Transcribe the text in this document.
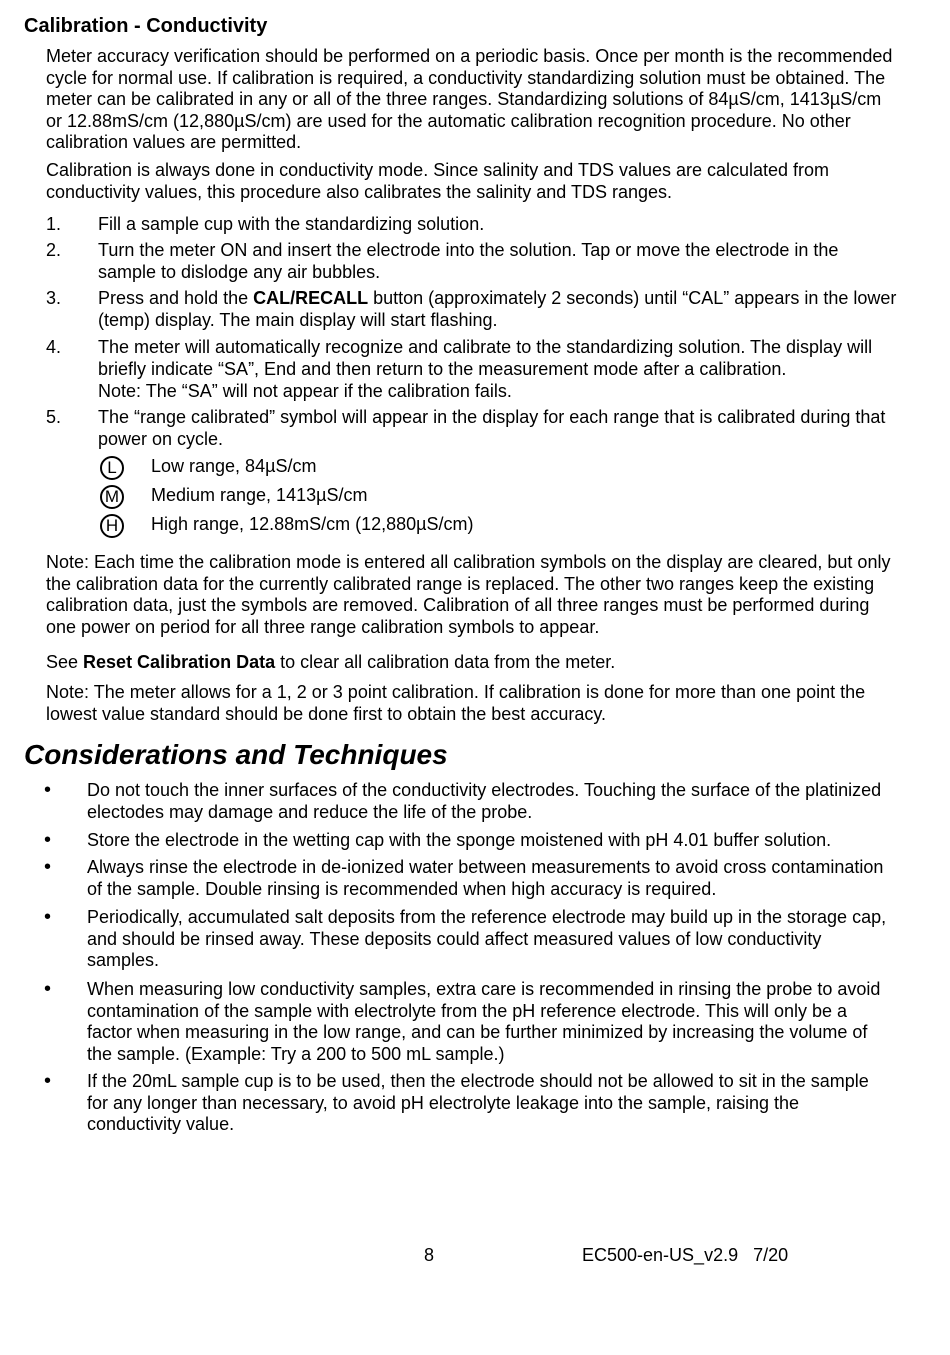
Calibration - Conductivity

Meter accuracy verification should be performed on a periodic basis. Once per month is the recommended cycle for normal use. If calibration is required, a conductivity standardizing solution must be obtained. The meter can be calibrated in any or all of the three ranges. Standardizing solutions of 84µS/cm, 1413µS/cm or 12.88mS/cm (12,880µS/cm) are used for the automatic calibration recognition procedure. No other calibration values are permitted.

Calibration is always done in conductivity mode. Since salinity and TDS values are calculated from conductivity values, this procedure also calibrates the salinity and TDS ranges.

1. Fill a sample cup with the standardizing solution.

2. Turn the meter ON and insert the electrode into the solution. Tap or move the electrode in the sample to dislodge any air bubbles.

3. Press and hold the CAL/RECALL button (approximately 2 seconds) until “CAL” appears in the lower (temp) display. The main display will start flashing.

4. The meter will automatically recognize and calibrate to the standardizing solution. The display will briefly indicate “SA”, End and then return to the measurement mode after a calibration.

Note: The “SA” will not appear if the calibration fails.

5. The “range calibrated” symbol will appear in the display for each range that is calibrated during that power on cycle.

L	Low range, 84µS/cm
M Medium range, 1413µS/cm
H	High range, 12.88mS/cm (12,880µS/cm)

Note: Each time the calibration mode is entered all calibration symbols on the display are cleared, but only the calibration data for the currently calibrated range is replaced. The other two ranges keep the existing calibration data, just the symbols are removed. Calibration of all three ranges must be performed during one power on period for all three range calibration symbols to appear.

See Reset Calibration Data to clear all calibration data from the meter.

Note: The meter allows for a 1, 2 or 3 point calibration. If calibration is done for more than one point the lowest value standard should be done first to obtain the best accuracy.

Considerations and Techniques
• Do not touch the inner surfaces of the conductivity electrodes. Touching the surface of the platinized electodes may damage and reduce the life of the probe.

• Store the electrode in the wetting cap with the sponge moistened with pH 4.01 buffer solution.

• Always rinse the electrode in de-ionized water between measurements to avoid cross contamination of the sample. Double rinsing is recommended when high accuracy is required.

• Periodically, accumulated salt deposits from the reference electrode may build up in the storage cap, and should be rinsed away. These deposits could affect measured values of low conductivity samples.

• When measuring low conductivity samples, extra care is recommended in rinsing the probe to avoid contamination of the sample with electrolyte from the pH reference electrode. This will only be a factor when measuring in the low range, and can be further minimized by increasing the volume of the sample. (Example: Try a 200 to 500 mL sample.)

• If the 20mL sample cup is to be used, then the electrode should not be allowed to sit in the sample for any longer than necessary, to avoid pH electrolyte leakage into the sample, raising the conductivity value.

8	EC500-en-US_v2.9   7/20
